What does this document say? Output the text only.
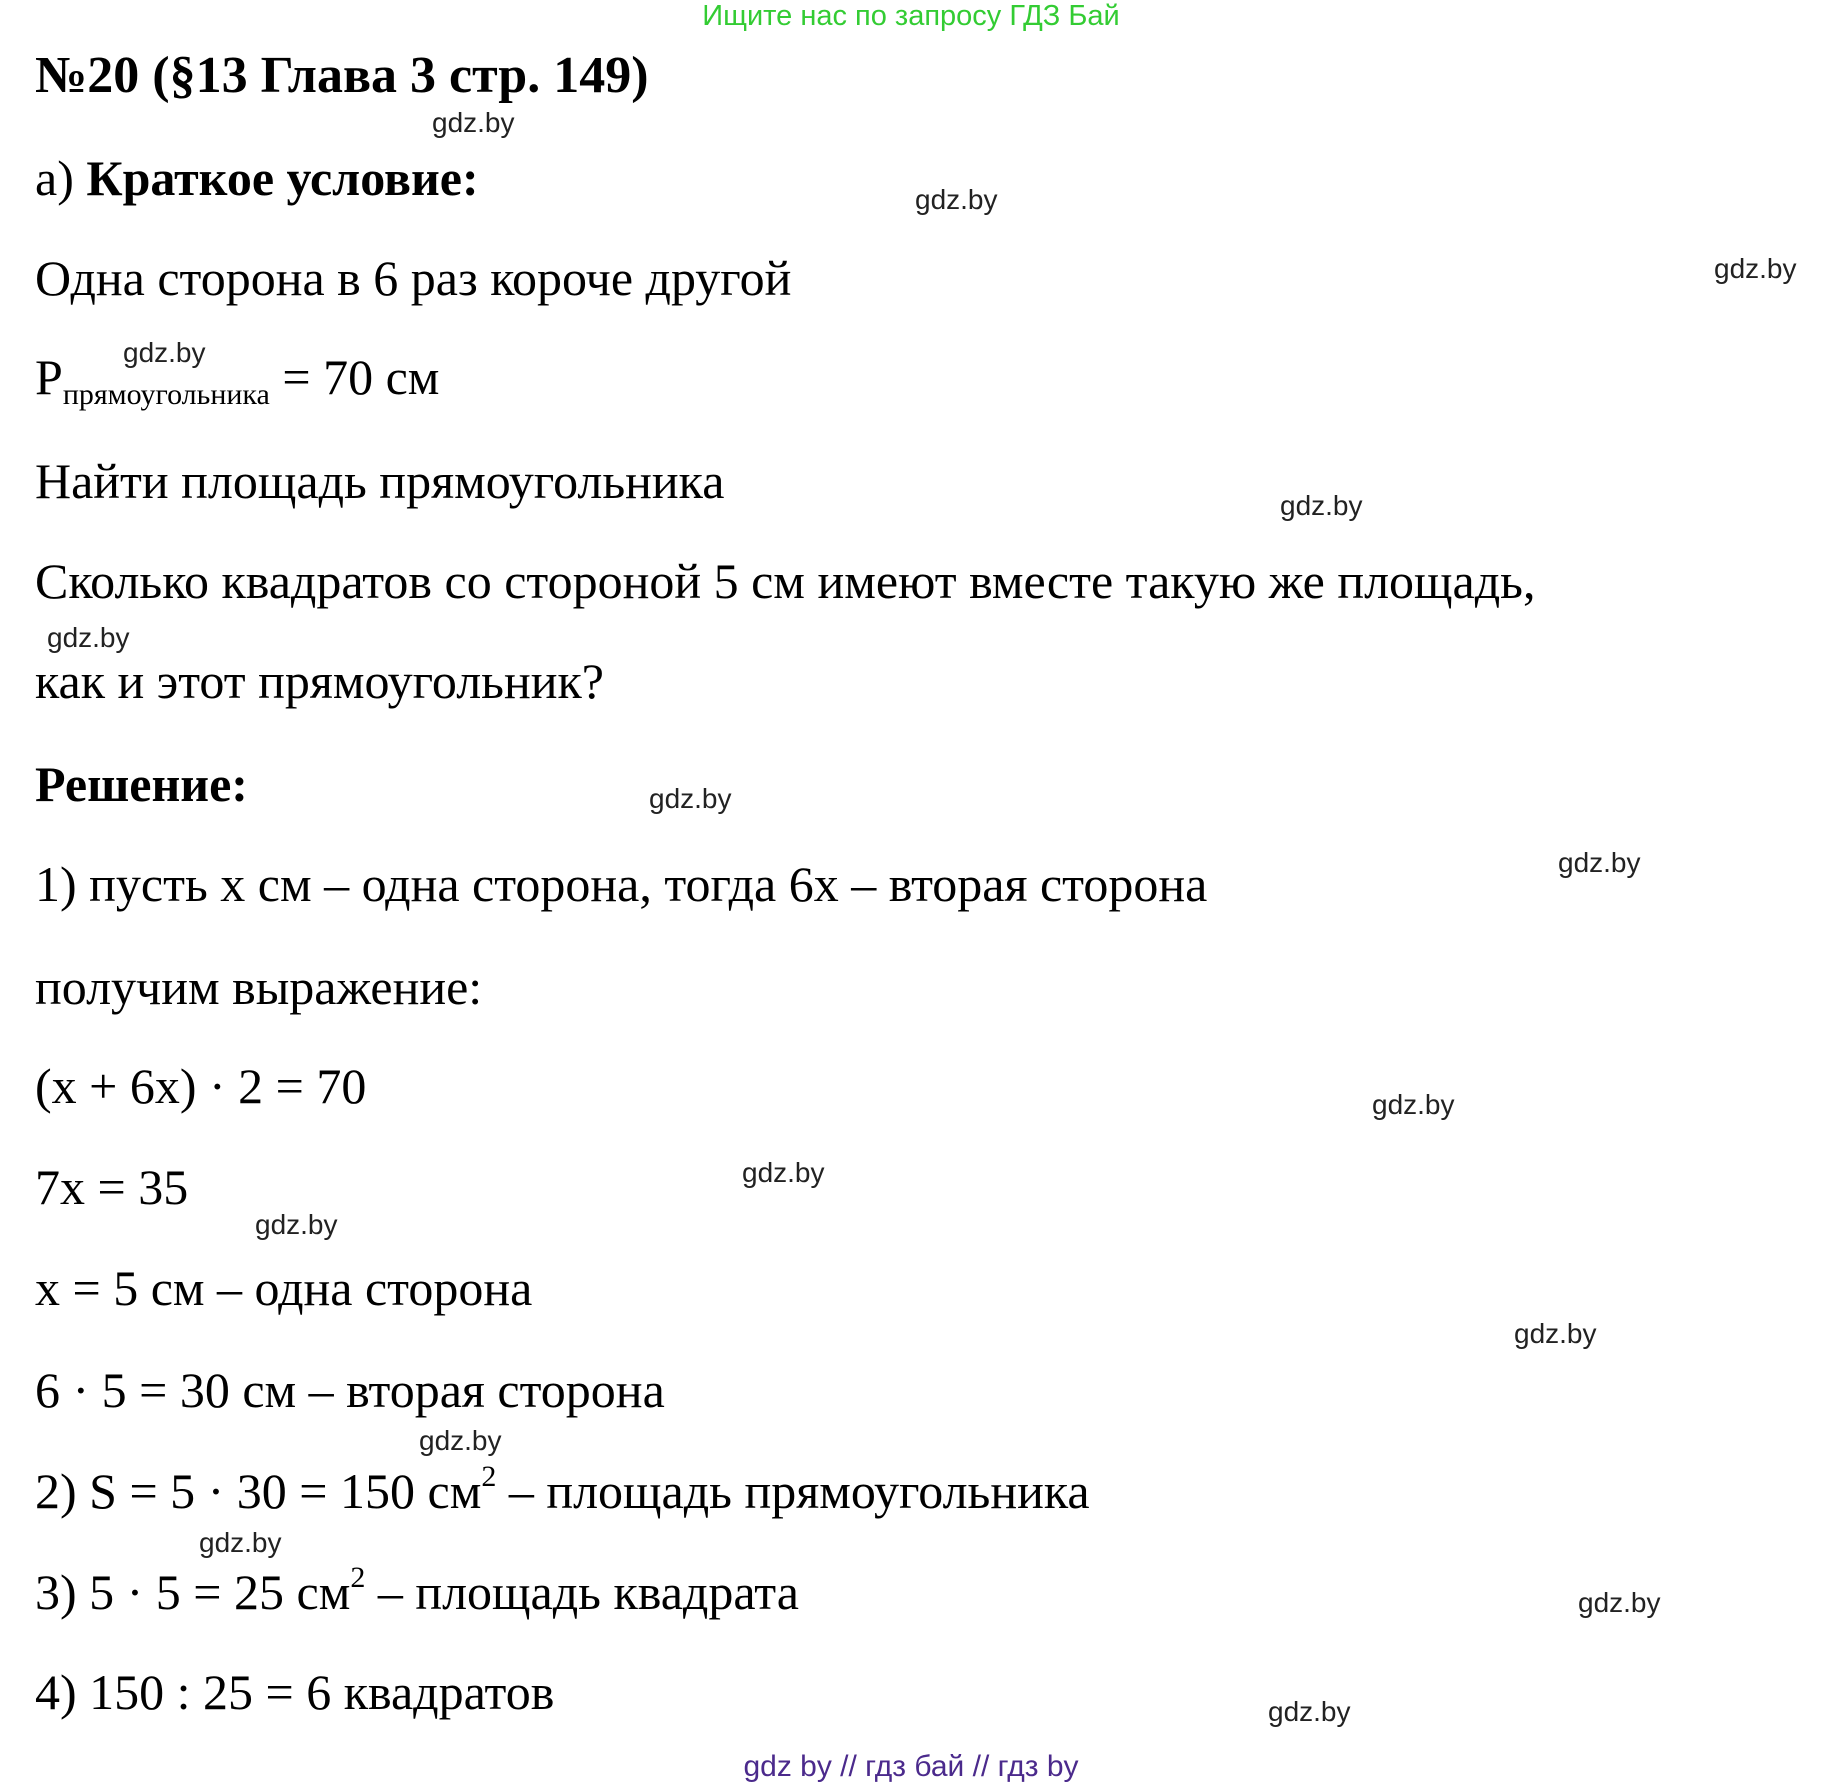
Ищите нас по запросу ГДЗ Бай
№20 (§13 Глава 3 стр. 149)
а) Краткое условие:
Одна сторона в 6 раз короче другой
$P_{прямоугольника} = 70$ см
Найти площадь прямоугольника
Сколько квадратов со стороной 5 см имеют вместе такую же площадь,
как и этот прямоугольник?
Решение:
1) пусть x см – одна сторона, тогда 6x – вторая сторона
получим выражение:
(x + 6x) · 2 = 70
7x = 35
x = 5 см – одна сторона
6 · 5 = 30 см – вторая сторона
2) S = 5 · 30 = 150 $см^2$ – площадь прямоугольника
3) 5 · 5 = 25 $см^2$ – площадь квадрата
4) 150 : 25 = 6 квадратов
gdz.by
gdz.by
gdz.by
gdz.by
gdz.by
gdz.by
gdz.by
gdz.by
gdz.by
gdz.by
gdz.by
gdz.by
gdz.by
gdz.by
gdz.by
gdz.by
gdz by // гдз бай // гдз by
